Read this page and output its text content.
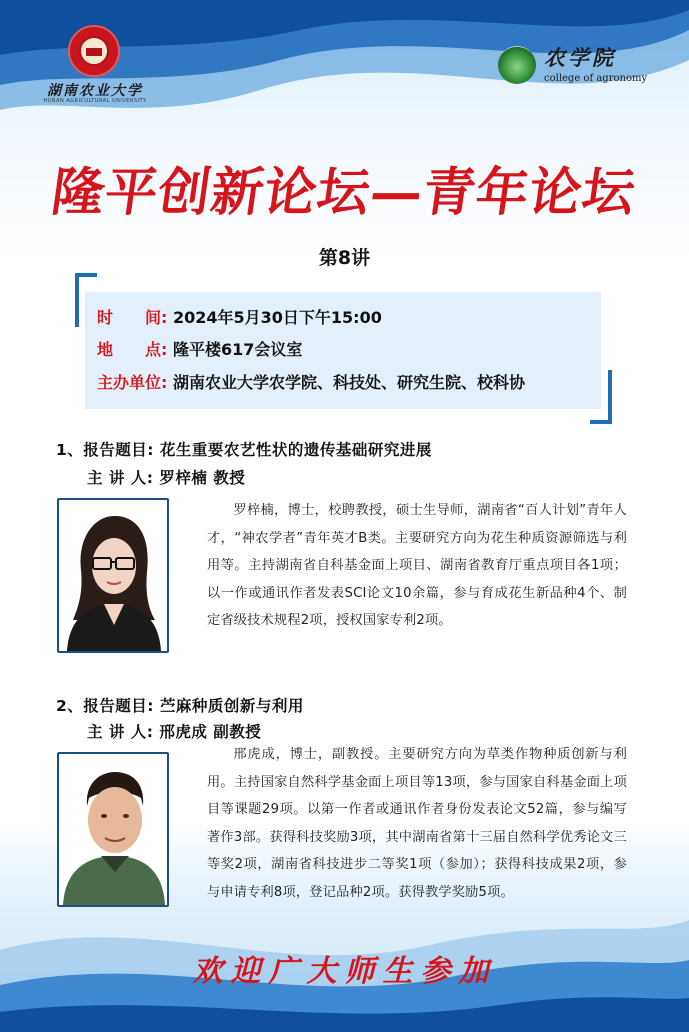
湖南农业大学
HUNAN AGRICULTURAL UNIVERSITY
农学院
college of agronomy
隆平创新论坛—青年论坛
第8讲
时　　间: 2024年5月30日下午15:00
地　　点: 隆平楼617会议室
主办单位: 湖南农业大学农学院、科技处、研究生院、校科协
1、报告题目: 花生重要农艺性状的遗传基础研究进展
主 讲 人: 罗梓楠 教授
罗梓楠，博士，校聘教授，硕士生导师，湖南省“百人计划”青年人才，“神农学者”青年英才B类。主要研究方向为花生种质资源筛选与利用等。主持湖南省自科基金面上项目、湖南省教育厅重点项目各1项；以一作或通讯作者发表SCI论文10余篇，参与育成花生新品种4个、制定省级技术规程2项，授权国家专利2项。
2、报告题目: 苎麻种质创新与利用
主 讲 人: 邢虎成 副教授
邢虎成，博士，副教授。主要研究方向为草类作物种质创新与利用。主持国家自然科学基金面上项目等13项，参与国家自科基金面上项目等课题29项。以第一作者或通讯作者身份发表论文52篇，参与编写著作3部。获得科技奖励3项，其中湖南省第十三届自然科学优秀论文三等奖2项，湖南省科技进步二等奖1项（参加）；获得科技成果2项，参与申请专利8项，登记品种2项。获得教学奖励5项。
欢迎广大师生参加
